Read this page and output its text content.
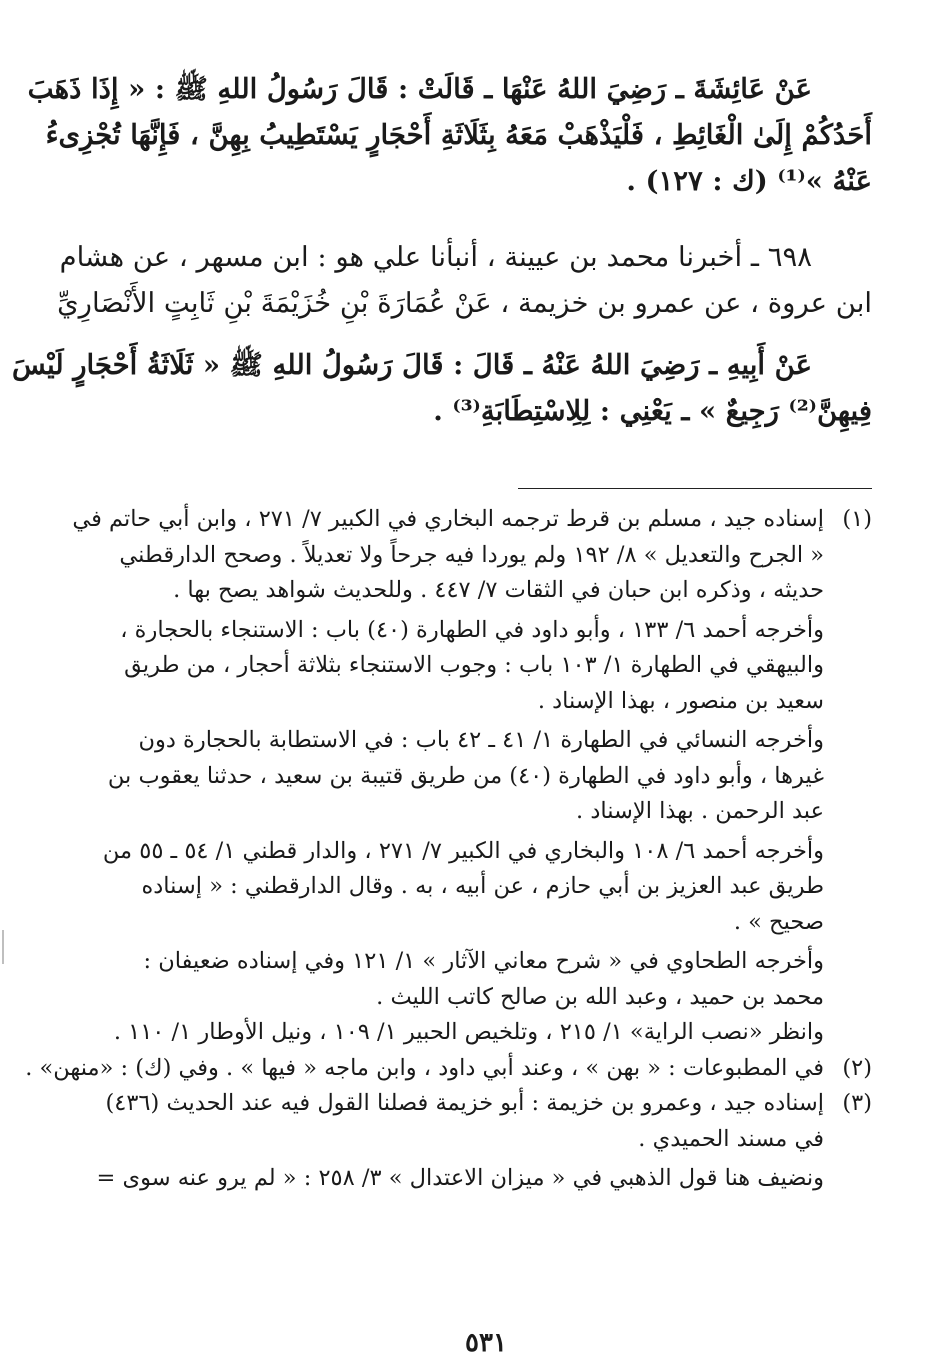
عَنْ عَائِشَةَ ـ رَضِيَ اللهُ عَنْهَا ـ قَالَتْ : قَالَ رَسُولُ اللهِ ﷺ : « إِذَا ذَهَبَ
أَحَدُكُمْ إِلَىٰ الْغَائِطِ ، فَلْيَذْهَبْ مَعَهُ بِثَلَاثَةِ أَحْجَارٍ يَسْتَطِيبُ بِهِنَّ ، فَإِنَّهَا تُجْزِىءُ
عَنْهُ »⁽¹⁾ (ك : ١٢٧) .
٦٩٨ ـ أخبرنا محمد بن عيينة ، أنبأنا علي هو : ابن مسهر ، عن هشام
ابن عروة ، عن عمرو بن خزيمة ، عَنْ عُمَارَةَ بْنِ خُزَيْمَةَ بْنِ ثَابِتٍ الأَنْصَارِيِّ
عَنْ أَبِيهِ ـ رَضِيَ اللهُ عَنْهُ ـ قَالَ : قَالَ رَسُولُ اللهِ ﷺ « ثَلَاثَةُ أَحْجَارٍ لَيْسَ
فِيهِنَّ⁽²⁾ رَجِيعٌ » ـ يَعْنِي : لِلِاسْتِطَابَةِ⁽³⁾ .
(١)
إسناده جيد ، مسلم بن قرط ترجمه البخاري في الكبير ٧/ ٢٧١ ، وابن أبي حاتم في
« الجرح والتعديل » ٨/ ١٩٢ ولم يوردا فيه جرحاً ولا تعديلاً . وصحح الدارقطني
حديثه ، وذكره ابن حبان في الثقات ٧/ ٤٤٧ . وللحديث شواهد يصح بها .
وأخرجه أحمد ٦/ ١٣٣ ، وأبو داود في الطهارة (٤٠) باب : الاستنجاء بالحجارة ،
والبيهقي في الطهارة ١/ ١٠٣ باب : وجوب الاستنجاء بثلاثة أحجار ، من طريق
سعيد بن منصور ، بهذا الإسناد .
وأخرجه النسائي في الطهارة ١/ ٤١ ـ ٤٢ باب : في الاستطابة بالحجارة دون
غيرها ، وأبو داود في الطهارة (٤٠) من طريق قتيبة بن سعيد ، حدثنا يعقوب بن
عبد الرحمن . بهذا الإسناد .
وأخرجه أحمد ٦/ ١٠٨ والبخاري في الكبير ٧/ ٢٧١ ، والدار قطني ١/ ٥٤ ـ ٥٥ من
طريق عبد العزيز بن أبي حازم ، عن أبيه ، به . وقال الدارقطني : « إسناده
صحيح » .
وأخرجه الطحاوي في « شرح معاني الآثار » ١/ ١٢١ وفي إسناده ضعيفان :
محمد بن حميد ، وعبد الله بن صالح كاتب الليث .
وانظر «نصب الراية» ١/ ٢١٥ ، وتلخيص الحبير ١/ ١٠٩ ، ونيل الأوطار ١/ ١١٠ .
(٢)
في المطبوعات : « بهن » ، وعند أبي داود ، وابن ماجه « فيها » . وفي (ك) : «منهن» .
(٣)
إسناده جيد ، وعمرو بن خزيمة : أبو خزيمة فصلنا القول فيه عند الحديث (٤٣٦)
في مسند الحميدي .
ونضيف هنا قول الذهبي في « ميزان الاعتدال » ٣/ ٢٥٨ : « لم يرو عنه سوى =
٥٣١
